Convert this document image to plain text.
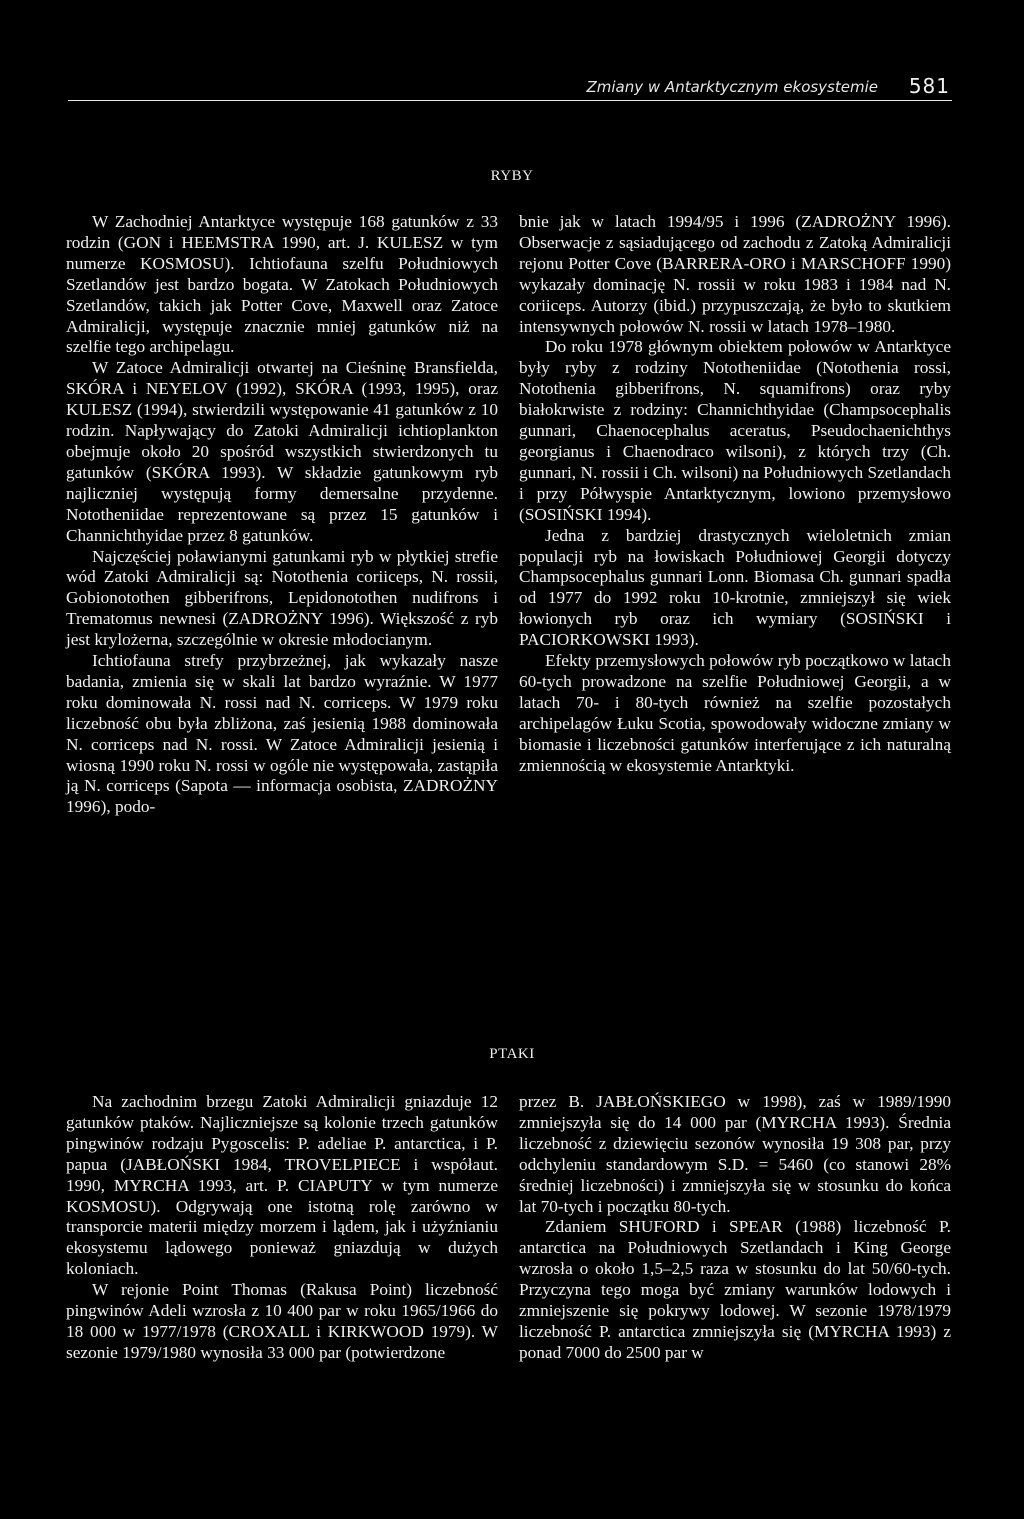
Zmiany w Antarktycznym ekosystemie 581
RYBY

W Zachodniej Antarktyce występuje 168 gatunków z 33 rodzin (GON i HEEMSTRA 1990, art. J. KULESZ w tym numerze KOSMOSU). Ichtiofauna szelfu Południowych Szetlandów jest bardzo bogata. W Zatokach Południowych Szetlandów, takich jak Potter Cove, Maxwell oraz Zatoce Admiralicji, występuje znacznie mniej gatunków niż na szelfie tego archipelagu.

W Zatoce Admiralicji otwartej na Cieśninę Bransfielda, SKÓRA i NEYELOV (1992), SKÓRA (1993, 1995), oraz KULESZ (1994), stwierdzili występowanie 41 gatunków z 10 rodzin. Napływający do Zatoki Admiralicji ichtioplankton obejmuje około 20 spośród wszystkich stwierdzonych tu gatunków (SKÓRA 1993). W składzie gatunkowym ryb najliczniej występują formy demersalne przydenne. Nototheniidae reprezentowane są przez 15 gatunków i Channichthyidae przez 8 gatunków.

Najczęściej poławianymi gatunkami ryb w płytkiej strefie wód Zatoki Admiralicji są: Notothenia coriiceps, N. rossii, Gobionotothen gibberifrons, Lepidonotothen nudifrons i Trematomus newnesi (ZADROŻNY 1996). Większość z ryb jest krylożerna, szczególnie w okresie młodocianym.

Ichtiofauna strefy przybrzeżnej, jak wykazały nasze badania, zmienia się w skali lat bardzo wyraźnie. W 1977 roku dominowała N. rossi nad N. corriceps. W 1979 roku liczebność obu była zbliżona, zaś jesienią 1988 dominowała N. corriceps nad N. rossi. W Zatoce Admiralicji jesienią i wiosną 1990 roku N. rossi w ogóle nie występowała, zastąpiła ją N. corriceps (Sapota — informacja osobista, ZADROŻNY 1996), podo-

bnie jak w latach 1994/95 i 1996 (ZADROŻNY 1996). Obserwacje z sąsiadującego od zachodu z Zatoką Admiralicji rejonu Potter Cove (BARRERA-ORO i MARSCHOFF 1990) wykazały dominację N. rossii w roku 1983 i 1984 nad N. coriiceps. Autorzy (ibid.) przypuszczają, że było to skutkiem intensywnych połowów N. rossii w latach 1978–1980.

Do roku 1978 głównym obiektem połowów w Antarktyce były ryby z rodziny Nototheniidae (Notothenia rossi, Notothenia gibberifrons, N. squamifrons) oraz ryby białokrwiste z rodziny: Channichthyidae (Champsocephalis gunnari, Chaenocephalus aceratus, Pseudochaenichthys georgianus i Chaenodraco wilsoni), z których trzy (Ch. gunnari, N. rossii i Ch. wilsoni) na Południowych Szetlandach i przy Półwyspie Antarktycznym, lowiono przemysłowo (SOSIŃSKI 1994).

Jedna z bardziej drastycznych wieloletnich zmian populacji ryb na łowiskach Południowej Georgii dotyczy Champsocephalus gunnari Lonn. Biomasa Ch. gunnari spadła od 1977 do 1992 roku 10-krotnie, zmniejszył się wiek łowionych ryb oraz ich wymiary (SOSIŃSKI i PACIORKOWSKI 1993).

Efekty przemysłowych połowów ryb początkowo w latach 60-tych prowadzone na szelfie Południowej Georgii, a w latach 70- i 80-tych również na szelfie pozostałych archipelagów Łuku Scotia, spowodowały widoczne zmiany w biomasie i liczebności gatunków interferujące z ich naturalną zmiennością w ekosystemie Antarktyki.

PTAKI

Na zachodnim brzegu Zatoki Admiralicji gniazduje 12 gatunków ptaków. Najliczniejsze są kolonie trzech gatunków pingwinów rodzaju Pygoscelis: P. adeliae P. antarctica, i P. papua (JABŁOŃSKI 1984, TROVELPIECE i współaut. 1990, MYRCHA 1993, art. P. CIAPUTY w tym numerze KOSMOSU). Odgrywają one istotną rolę zarówno w transporcie materii między morzem i lądem, jak i użyźnianiu ekosystemu lądowego ponieważ gniazdują w dużych koloniach.

W rejonie Point Thomas (Rakusa Point) liczebność pingwinów Adeli wzrosła z 10 400 par w roku 1965/1966 do 18 000 w 1977/1978 (CROXALL i KIRKWOOD 1979). W sezonie 1979/1980 wynosiła 33 000 par (potwierdzone

przez B. JABŁOŃSKIEGO w 1998), zaś w 1989/1990 zmniejszyła się do 14 000 par (MYRCHA 1993). Średnia liczebność z dziewięciu sezonów wynosiła 19 308 par, przy odchyleniu standardowym S.D. = 5460 (co stanowi 28% średniej liczebności) i zmniejszyła się w stosunku do końca lat 70-tych i początku 80-tych.

Zdaniem SHUFORD i SPEAR (1988) liczebność P. antarctica na Południowych Szetlandach i King George wzrosła o około 1,5–2,5 raza w stosunku do lat 50/60-tych. Przyczyna tego moga być zmiany warunków lodowych i zmniejszenie się pokrywy lodowej. W sezonie 1978/1979 liczebność P. antarctica zmniejszyła się (MYRCHA 1993) z ponad 7000 do 2500 par w
